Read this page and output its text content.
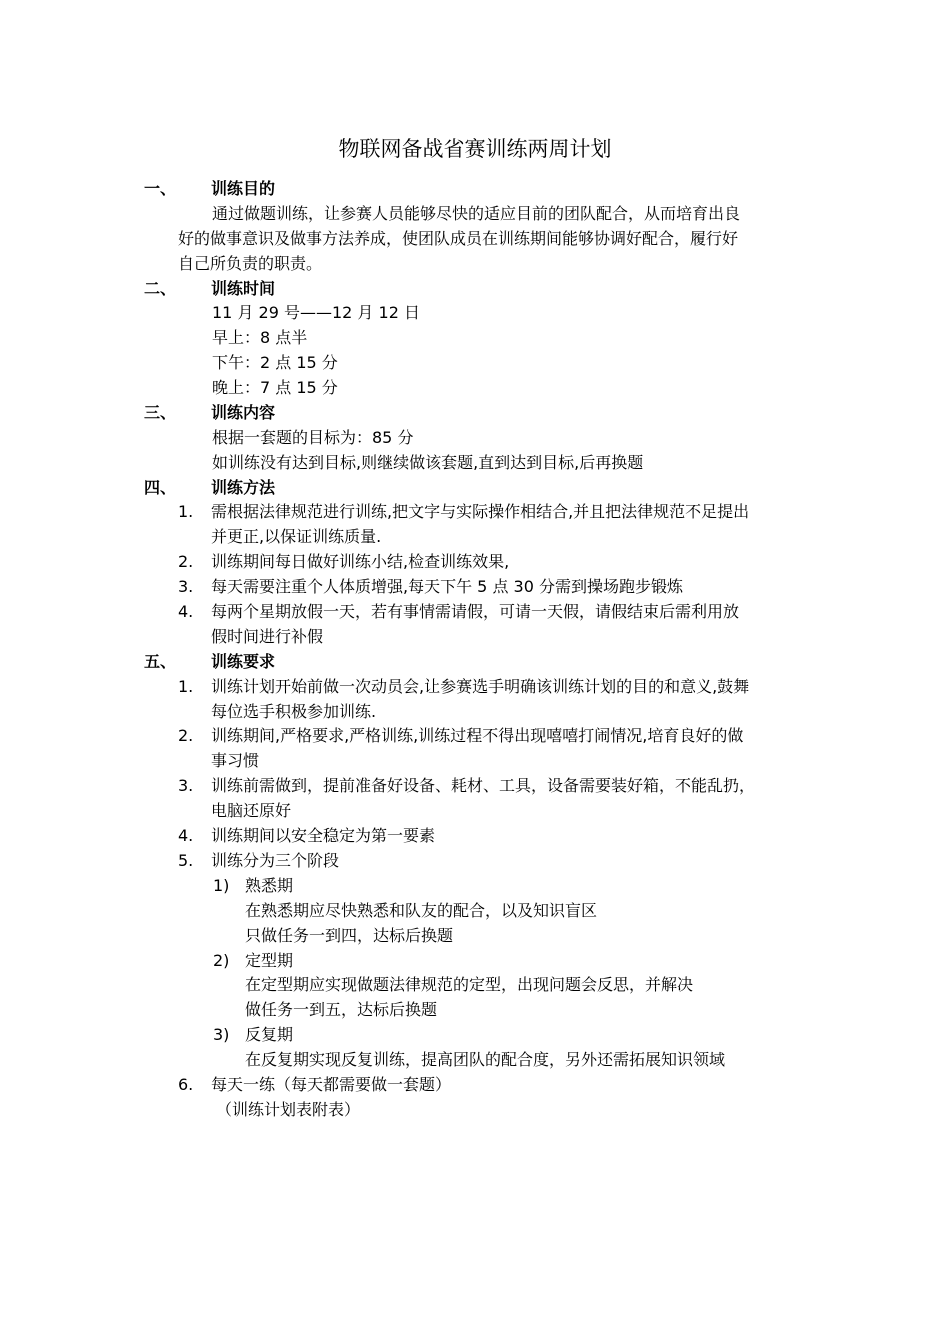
物联网备战省赛训练两周计划
一、 训练目的
通过做题训练，让参赛人员能够尽快的适应目前的团队配合，从而培育出良
好的做事意识及做事方法养成，使团队成员在训练期间能够协调好配合，履行好
自己所负责的职责。
二、 训练时间
11 月 29 号——12 月 12 日
早上：8 点半
下午：2 点 15 分
晚上：7 点 15 分
三、 训练内容
根据一套题的目标为：85 分
如训练没有达到目标,则继续做该套题,直到达到目标,后再换题
四、 训练方法
1. 需根据法律规范进行训练,把文字与实际操作相结合,并且把法律规范不足提出
并更正,以保证训练质量.
2. 训练期间每日做好训练小结,检查训练效果,
3. 每天需要注重个人体质增强,每天下午 5 点 30 分需到操场跑步锻炼
4. 每两个星期放假一天，若有事情需请假，可请一天假，请假结束后需利用放
假时间进行补假
五、 训练要求
1. 训练计划开始前做一次动员会,让参赛选手明确该训练计划的目的和意义,鼓舞
每位选手积极参加训练.
2. 训练期间,严格要求,严格训练,训练过程不得出现嘻嘻打闹情况,培育良好的做
事习惯
3. 训练前需做到，提前准备好设备、耗材、工具，设备需要装好箱，不能乱扔，
电脑还原好
4. 训练期间以安全稳定为第一要素
5. 训练分为三个阶段
1) 熟悉期
在熟悉期应尽快熟悉和队友的配合，以及知识盲区
只做任务一到四，达标后换题
2) 定型期
在定型期应实现做题法律规范的定型，出现问题会反思，并解决
做任务一到五，达标后换题
3) 反复期
在反复期实现反复训练，提高团队的配合度，另外还需拓展知识领域
6. 每天一练（每天都需要做一套题）
（训练计划表附表）
